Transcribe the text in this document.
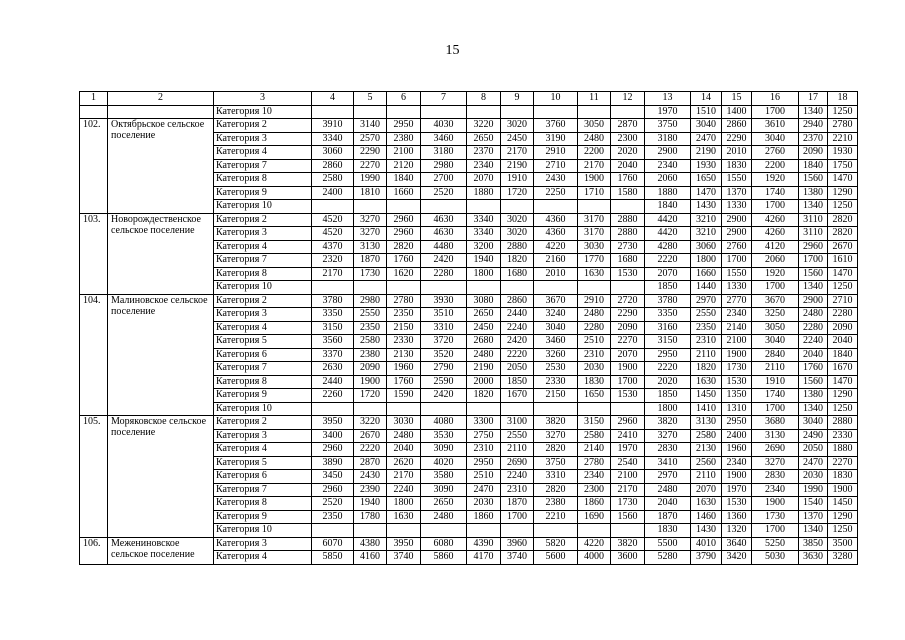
15
1	2	3	4	5	6	7	8	9	10	11	12	13	14	15	16	17	18
		Категория 10										1970	1510	1400	1700	1340	1250
102.	Октябрьское сельское поселение	Категория 2	3910	3140	2950	4030	3220	3020	3760	3050	2870	3750	3040	2860	3610	2940	2780
		Категория 3	3340	2570	2380	3460	2650	2450	3190	2480	2300	3180	2470	2290	3040	2370	2210
		Категория 4	3060	2290	2100	3180	2370	2170	2910	2200	2020	2900	2190	2010	2760	2090	1930
		Категория 7	2860	2270	2120	2980	2340	2190	2710	2170	2040	2340	1930	1830	2200	1840	1750
		Категория 8	2580	1990	1840	2700	2070	1910	2430	1900	1760	2060	1650	1550	1920	1560	1470
		Категория 9	2400	1810	1660	2520	1880	1720	2250	1710	1580	1880	1470	1370	1740	1380	1290
		Категория 10										1840	1430	1330	1700	1340	1250
103.	Новорождественское сельское поселение	Категория 2	4520	3270	2960	4630	3340	3020	4360	3170	2880	4420	3210	2900	4260	3110	2820
		Категория 3	4520	3270	2960	4630	3340	3020	4360	3170	2880	4420	3210	2900	4260	3110	2820
		Категория 4	4370	3130	2820	4480	3200	2880	4220	3030	2730	4280	3060	2760	4120	2960	2670
		Категория 7	2320	1870	1760	2420	1940	1820	2160	1770	1680	2220	1800	1700	2060	1700	1610
		Категория 8	2170	1730	1620	2280	1800	1680	2010	1630	1530	2070	1660	1550	1920	1560	1470
		Категория 10										1850	1440	1330	1700	1340	1250
104.	Малиновское сельское поселение	Категория 2	3780	2980	2780	3930	3080	2860	3670	2910	2720	3780	2970	2770	3670	2900	2710
		Категория 3	3350	2550	2350	3510	2650	2440	3240	2480	2290	3350	2550	2340	3250	2480	2280
		Категория 4	3150	2350	2150	3310	2450	2240	3040	2280	2090	3160	2350	2140	3050	2280	2090
		Категория 5	3560	2580	2330	3720	2680	2420	3460	2510	2270	3150	2310	2100	3040	2240	2040
		Категория 6	3370	2380	2130	3520	2480	2220	3260	2310	2070	2950	2110	1900	2840	2040	1840
		Категория 7	2630	2090	1960	2790	2190	2050	2530	2030	1900	2220	1820	1730	2110	1760	1670
		Категория 8	2440	1900	1760	2590	2000	1850	2330	1830	1700	2020	1630	1530	1910	1560	1470
		Категория 9	2260	1720	1590	2420	1820	1670	2150	1650	1530	1850	1450	1350	1740	1380	1290
		Категория 10										1800	1410	1310	1700	1340	1250
105.	Моряковское сельское поселение	Категория 2	3950	3220	3030	4080	3300	3100	3820	3150	2960	3820	3130	2950	3680	3040	2880
		Категория 3	3400	2670	2480	3530	2750	2550	3270	2580	2410	3270	2580	2400	3130	2490	2330
		Категория 4	2960	2220	2040	3090	2310	2110	2820	2140	1970	2830	2130	1960	2690	2050	1880
		Категория 5	3890	2870	2620	4020	2950	2690	3750	2780	2540	3410	2560	2340	3270	2470	2270
		Категория 6	3450	2430	2170	3580	2510	2240	3310	2340	2100	2970	2110	1900	2830	2030	1830
		Категория 7	2960	2390	2240	3090	2470	2310	2820	2300	2170	2480	2070	1970	2340	1990	1900
		Категория 8	2520	1940	1800	2650	2030	1870	2380	1860	1730	2040	1630	1530	1900	1540	1450
		Категория 9	2350	1780	1630	2480	1860	1700	2210	1690	1560	1870	1460	1360	1730	1370	1290
		Категория 10										1830	1430	1320	1700	1340	1250
106.	Межениновское сельское поселение	Категория 3	6070	4380	3950	6080	4390	3960	5820	4220	3820	5500	4010	3640	5250	3850	3500
		Категория 4	5850	4160	3740	5860	4170	3740	5600	4000	3600	5280	3790	3420	5030	3630	3280
